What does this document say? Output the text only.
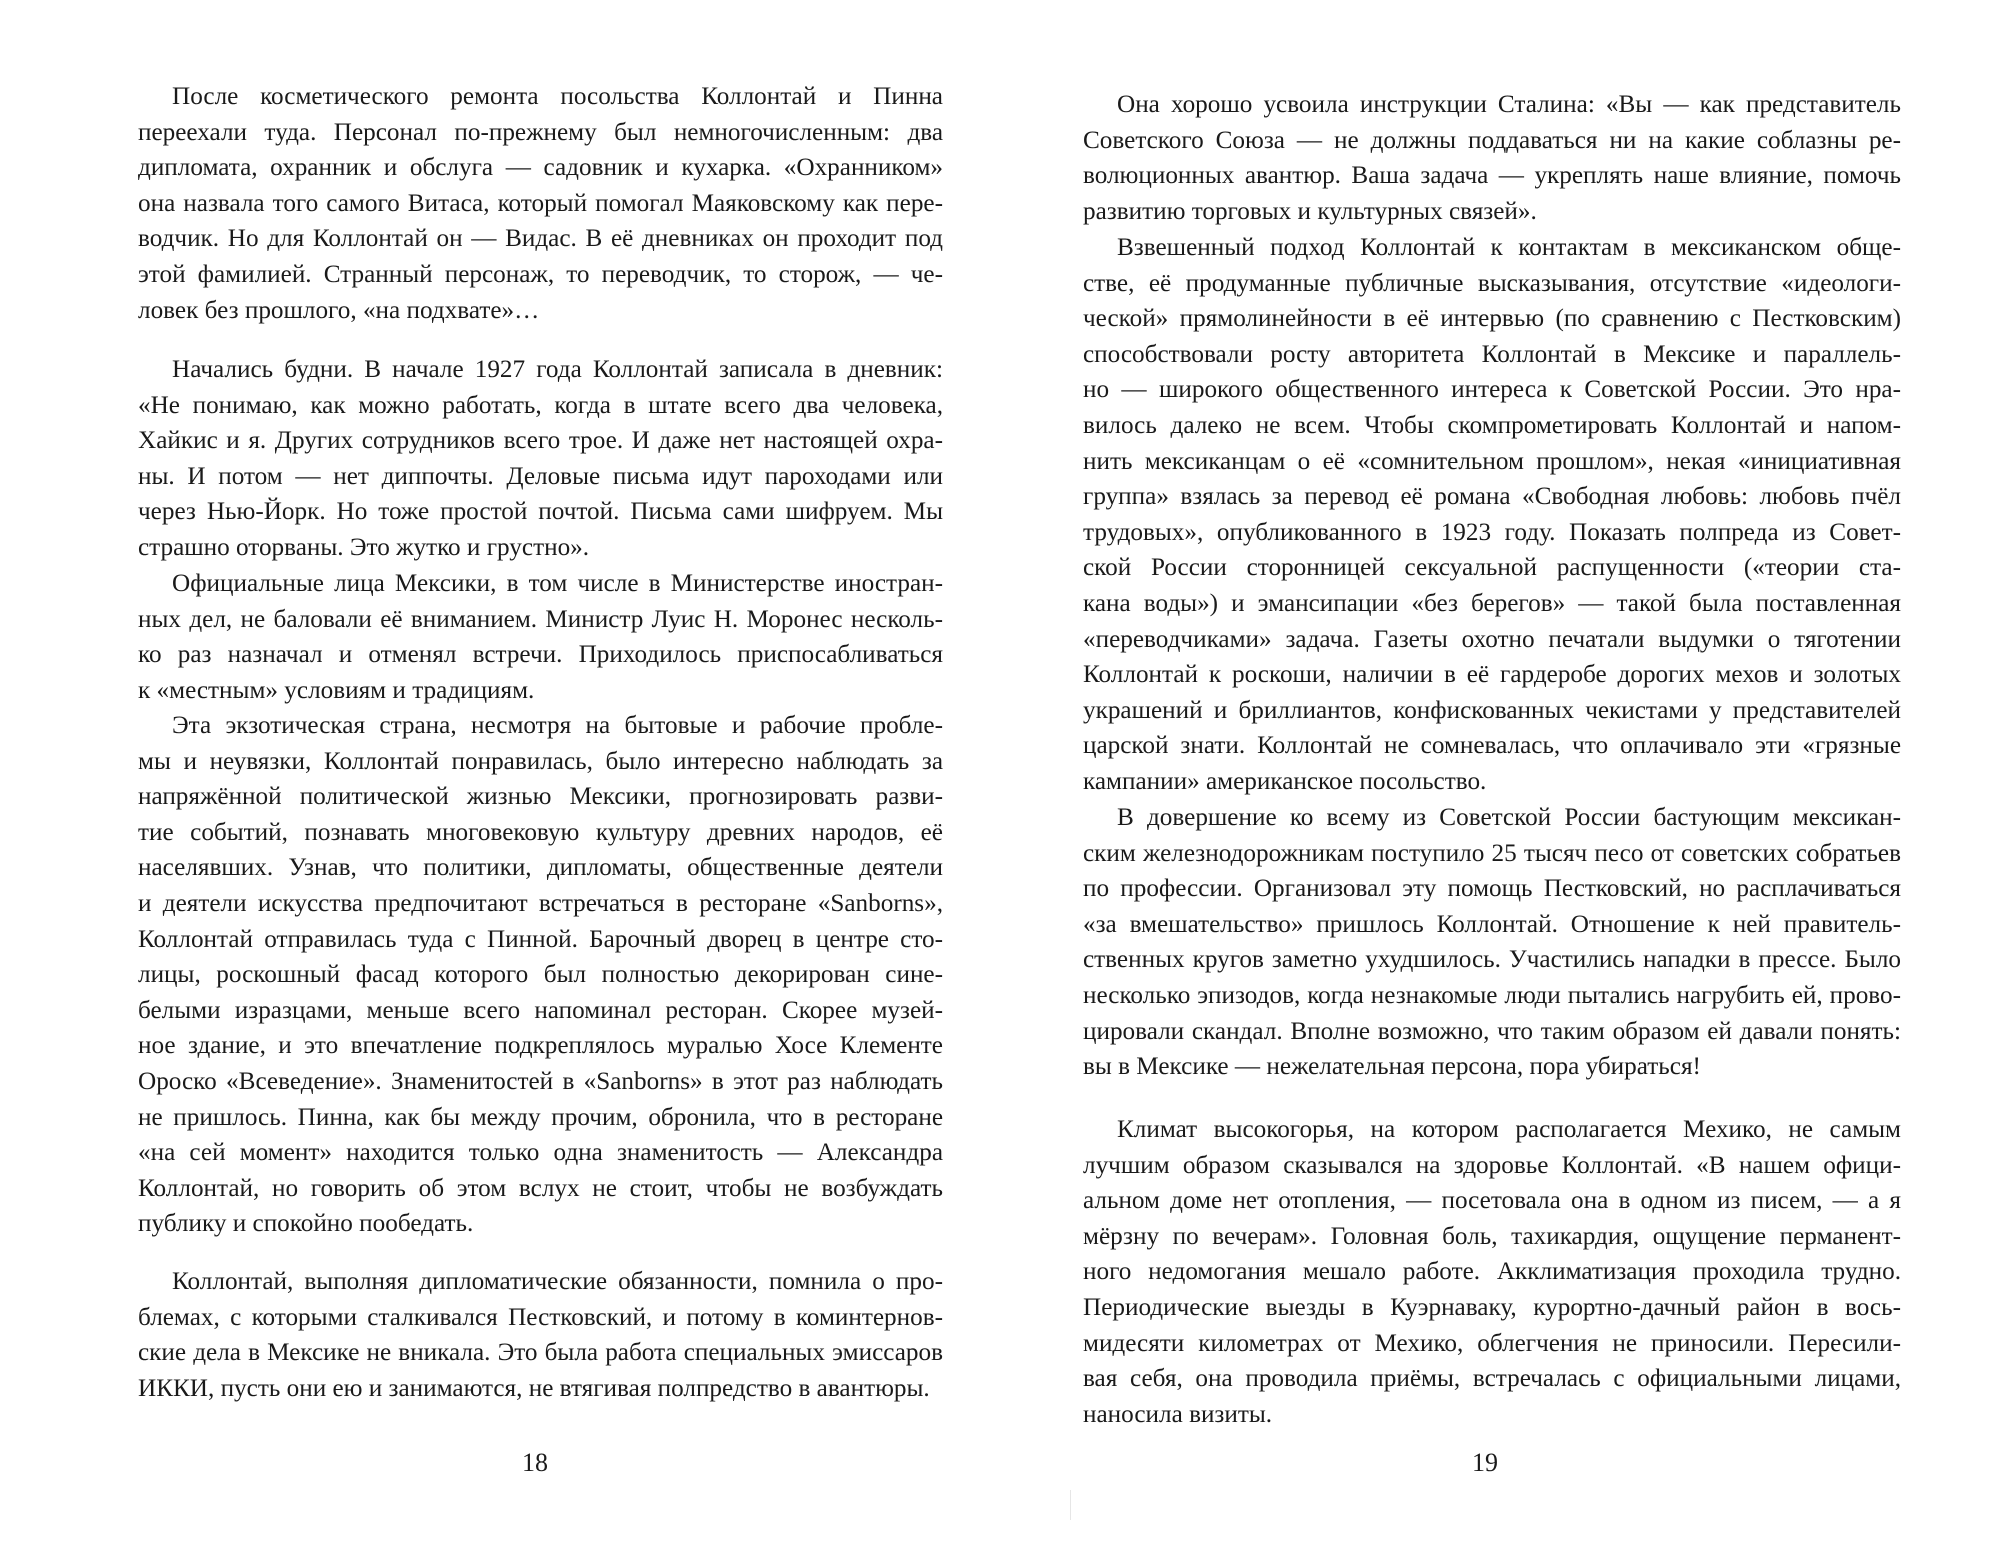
После косметического ремонта посольства Коллонтай и Пинна
переехали туда. Персонал по-прежнему был немногочисленным: два
дипломата, охранник и обслуга — садовник и кухарка. «Охранником»
она назвала того самого Витаса, который помогал Маяковскому как пере-
водчик. Но для Коллонтай он — Видас. В её дневниках он проходит под
этой фамилией. Странный персонаж, то переводчик, то сторож, — че-
ловек без прошлого, «на подхвате»…
Начались будни. В начале 1927 года Коллонтай записала в дневник:
«Не понимаю, как можно работать, когда в штате всего два человека,
Хайкис и я. Других сотрудников всего трое. И даже нет настоящей охра-
ны. И потом — нет диппочты. Деловые письма идут пароходами или
через Нью-Йорк. Но тоже простой почтой. Письма сами шифруем. Мы
страшно оторваны. Это жутко и грустно».
Официальные лица Мексики, в том числе в Министерстве иностран-
ных дел, не баловали её вниманием. Министр Луис Н. Моронес несколь-
ко раз назначал и отменял встречи. Приходилось приспосабливаться
к «местным» условиям и традициям.
Эта экзотическая страна, несмотря на бытовые и рабочие пробле-
мы и неувязки, Коллонтай понравилась, было интересно наблюдать за
напряжённой политической жизнью Мексики, прогнозировать разви-
тие событий, познавать многовековую культуру древних народов, её
населявших. Узнав, что политики, дипломаты, общественные деятели
и деятели искусства предпочитают встречаться в ресторане «Sanborns»,
Коллонтай отправилась туда с Пинной. Барочный дворец в центре сто-
лицы, роскошный фасад которого был полностью декорирован сине-
белыми изразцами, меньше всего напоминал ресторан. Скорее музей-
ное здание, и это впечатление подкреплялось муралью Хосе Клементе
Ороско «Всеведение». Знаменитостей в «Sanborns» в этот раз наблюдать
не пришлось. Пинна, как бы между прочим, обронила, что в ресторане
«на сей момент» находится только одна знаменитость — Александра
Коллонтай, но говорить об этом вслух не стоит, чтобы не возбуждать
публику и спокойно пообедать.
Коллонтай, выполняя дипломатические обязанности, помнила о про-
блемах, с которыми сталкивался Пестковский, и потому в коминтернов-
ские дела в Мексике не вникала. Это была работа специальных эмиссаров
ИККИ, пусть они ею и занимаются, не втягивая полпредство в авантюры.
18
Она хорошо усвоила инструкции Сталина: «Вы — как представитель
Советского Союза — не должны поддаваться ни на какие соблазны ре-
волюционных авантюр. Ваша задача — укреплять наше влияние, помочь
развитию торговых и культурных связей».
Взвешенный подход Коллонтай к контактам в мексиканском обще-
стве, её продуманные публичные высказывания, отсутствие «идеологи-
ческой» прямолинейности в её интервью (по сравнению с Пестковским)
способствовали росту авторитета Коллонтай в Мексике и параллель-
но — широкого общественного интереса к Советской России. Это нра-
вилось далеко не всем. Чтобы скомпрометировать Коллонтай и напом-
нить мексиканцам о её «сомнительном прошлом», некая «инициативная
группа» взялась за перевод её романа «Свободная любовь: любовь пчёл
трудовых», опубликованного в 1923 году. Показать полпреда из Совет-
ской России сторонницей сексуальной распущенности («теории ста-
кана воды») и эмансипации «без берегов» — такой была поставленная
«переводчиками» задача. Газеты охотно печатали выдумки о тяготении
Коллонтай к роскоши, наличии в её гардеробе дорогих мехов и золотых
украшений и бриллиантов, конфискованных чекистами у представителей
царской знати. Коллонтай не сомневалась, что оплачивало эти «грязные
кампании» американское посольство.
В довершение ко всему из Советской России бастующим мексикан-
ским железнодорожникам поступило 25 тысяч песо от советских собратьев
по профессии. Организовал эту помощь Пестковский, но расплачиваться
«за вмешательство» пришлось Коллонтай. Отношение к ней правитель-
ственных кругов заметно ухудшилось. Участились нападки в прессе. Было
несколько эпизодов, когда незнакомые люди пытались нагрубить ей, прово-
цировали скандал. Вполне возможно, что таким образом ей давали понять:
вы в Мексике — нежелательная персона, пора убираться!
Климат высокогорья, на котором располагается Мехико, не самым
лучшим образом сказывался на здоровье Коллонтай. «В нашем офици-
альном доме нет отопления, — посетовала она в одном из писем, — а я
мёрзну по вечерам». Головная боль, тахикардия, ощущение перманент-
ного недомогания мешало работе. Акклиматизация проходила трудно.
Периодические выезды в Куэрнаваку, курортно-дачный район в вось-
мидесяти километрах от Мехико, облегчения не приносили. Пересили-
вая себя, она проводила приёмы, встречалась с официальными лицами,
наносила визиты.
19
